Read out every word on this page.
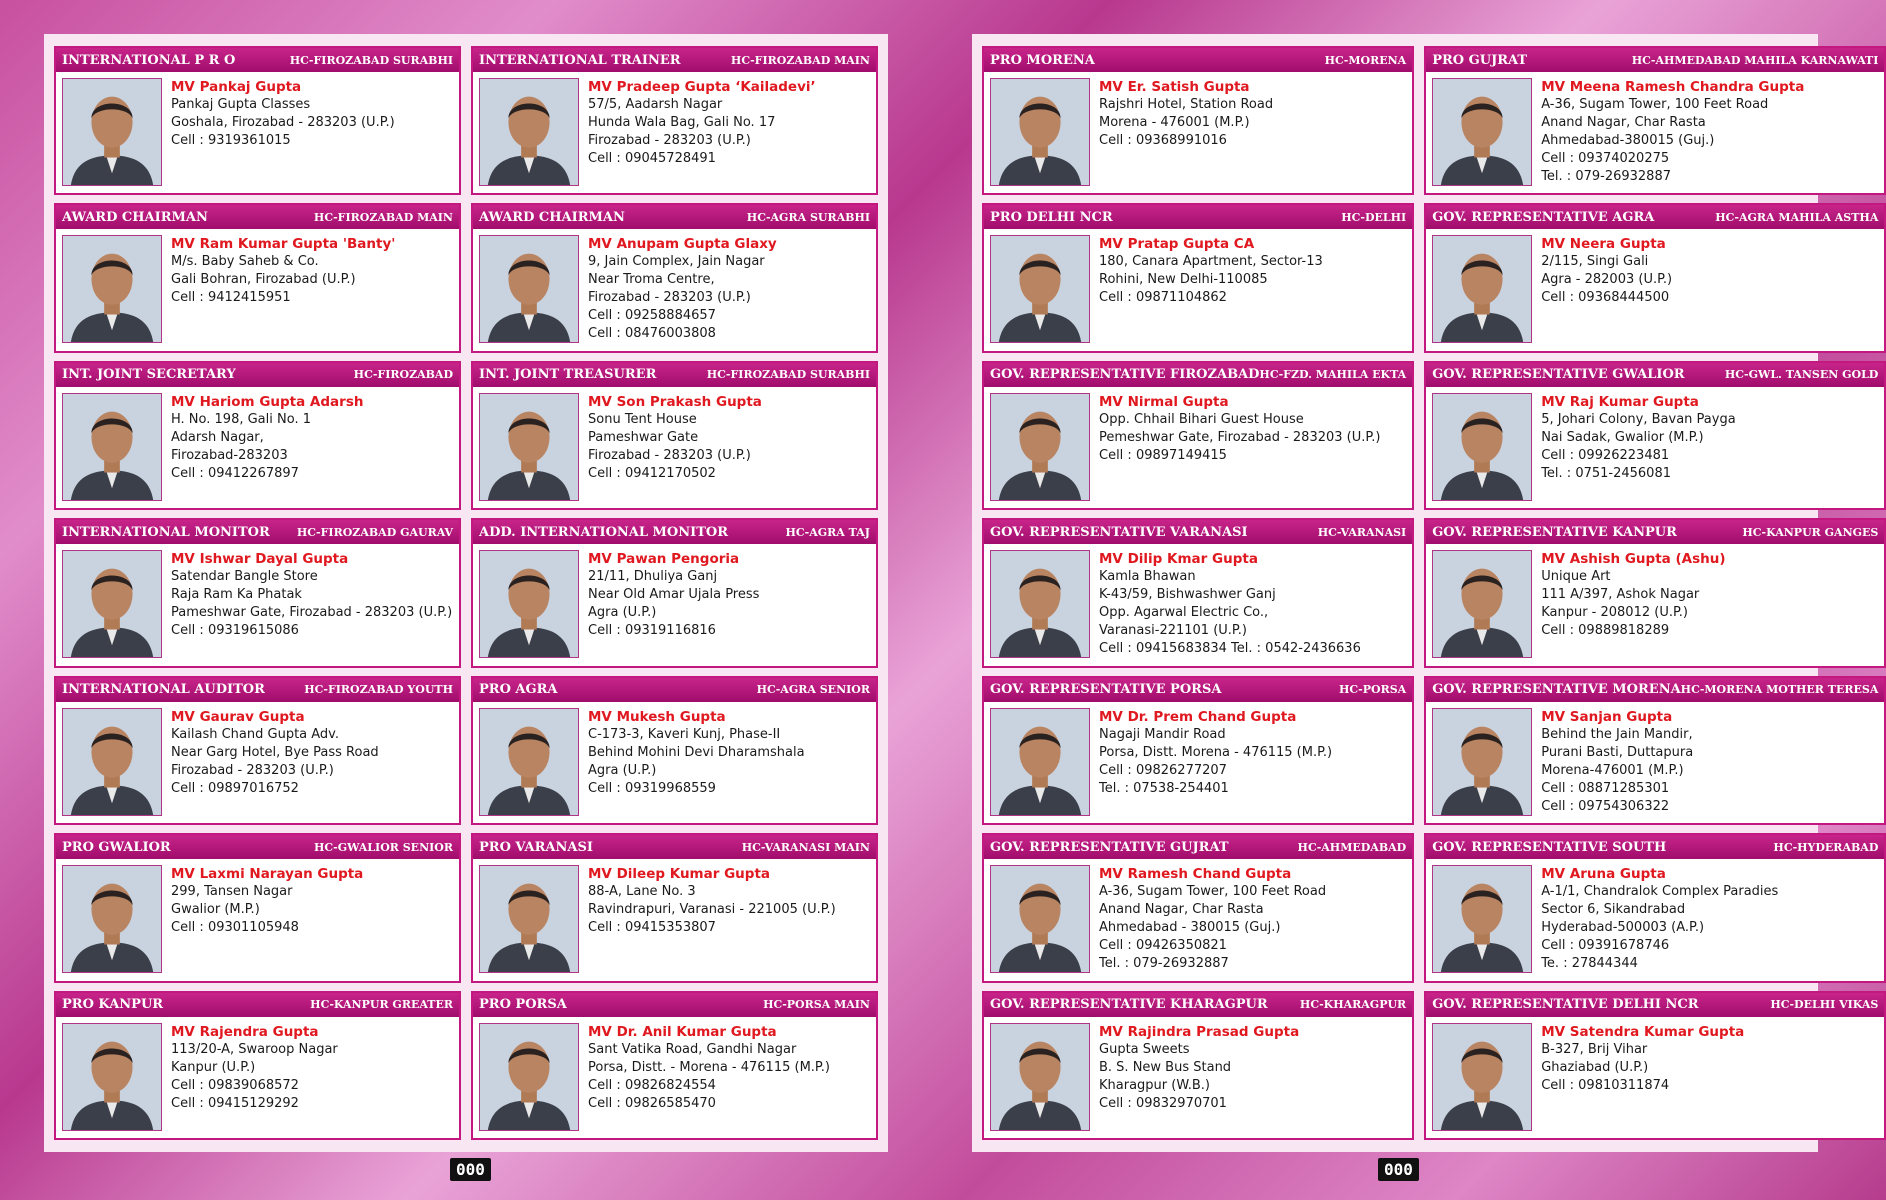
INTERNATIONAL P R O	HC-FIROZABAD SURABHI
MV Pankaj Gupta
Pankaj Gupta Classes
Goshala, Firozabad - 283203 (U.P.)
Cell : 9319361015
INTERNATIONAL TRAINER	HC-FIROZABAD MAIN
MV Pradeep Gupta ‘Kailadevi’
57/5, Aadarsh Nagar
Hunda Wala Bag, Gali No. 17
Firozabad - 283203 (U.P.)
Cell : 09045728491
AWARD CHAIRMAN	HC-FIROZABAD MAIN
MV Ram Kumar Gupta 'Banty'
M/s. Baby Saheb & Co.
Gali Bohran, Firozabad (U.P.)
Cell : 9412415951
AWARD CHAIRMAN	HC-AGRA SURABHI
MV Anupam Gupta Glaxy
9, Jain Complex, Jain Nagar
Near Troma Centre,
Firozabad - 283203 (U.P.)
Cell : 09258884657
Cell : 08476003808
INT. JOINT SECRETARY	HC-FIROZABAD
MV Hariom Gupta Adarsh
H. No. 198, Gali No. 1
Adarsh Nagar,
Firozabad-283203
Cell : 09412267897
INT. JOINT TREASURER	HC-FIROZABAD SURABHI
MV Son Prakash Gupta
Sonu Tent House
Pameshwar Gate
Firozabad - 283203 (U.P.)
Cell : 09412170502
INTERNATIONAL MONITOR HC-FIROZABAD GAURAV
MV Ishwar Dayal Gupta
Satendar Bangle Store
Raja Ram Ka Phatak
Pameshwar Gate, Firozabad - 283203 (U.P.)
Cell : 09319615086
ADD. INTERNATIONAL MONITOR	HC-AGRA TAJ
MV Pawan Pengoria
21/11, Dhuliya Ganj
Near Old Amar Ujala Press
Agra (U.P.)
Cell : 09319116816
INTERNATIONAL AUDITOR	HC-FIROZABAD YOUTH
MV Gaurav Gupta
Kailash Chand Gupta Adv.
Near Garg Hotel, Bye Pass Road
Firozabad - 283203 (U.P.)
Cell : 09897016752
PRO AGRA	HC-AGRA SENIOR
MV Mukesh Gupta
C-173-3, Kaveri Kunj, Phase-II
Behind Mohini Devi Dharamshala
Agra (U.P.)
Cell : 09319968559
PRO GWALIOR	HC-GWALIOR SENIOR
MV Laxmi Narayan Gupta
299, Tansen Nagar
Gwalior (M.P.)
Cell : 09301105948
PRO VARANASI	HC-VARANASI MAIN
MV Dileep Kumar Gupta
88-A, Lane No. 3
Ravindrapuri, Varanasi - 221005 (U.P.)
Cell : 09415353807
PRO KANPUR	HC-KANPUR GREATER
MV Rajendra Gupta
113/20-A, Swaroop Nagar
Kanpur (U.P.)
Cell : 09839068572
Cell : 09415129292
PRO PORSA	HC-PORSA MAIN
MV Dr. Anil Kumar Gupta
Sant Vatika Road, Gandhi Nagar
Porsa, Distt. - Morena - 476115 (M.P.)
Cell : 09826824554
Cell : 09826585470
000
PRO MORENA	HC-MORENA
MV Er. Satish Gupta
Rajshri Hotel, Station Road
Morena - 476001 (M.P.)
Cell : 09368991016
PRO GUJRAT	HC-AHMEDABAD MAHILA KARNAWATI
MV Meena Ramesh Chandra Gupta
A-36, Sugam Tower, 100 Feet Road
Anand Nagar, Char Rasta
Ahmedabad-380015 (Guj.)
Cell : 09374020275
Tel. : 079-26932887
PRO DELHI NCR	HC-DELHI
MV Pratap Gupta CA
180, Canara Apartment, Sector-13
Rohini, New Delhi-110085
Cell : 09871104862
GOV. REPRESENTATIVE AGRA	HC-AGRA MAHILA ASTHA
MV Neera Gupta
2/115, Singi Gali
Agra - 282003 (U.P.)
Cell : 09368444500
GOV. REPRESENTATIVE FIROZABAD HC-FZD. MAHILA EKTA
MV Nirmal Gupta
Opp. Chhail Bihari Guest House
Pemeshwar Gate, Firozabad - 283203 (U.P.)
Cell : 09897149415
GOV. REPRESENTATIVE GWALIOR	HC-GWL. TANSEN GOLD
MV Raj Kumar Gupta
5, Johari Colony, Bavan Payga
Nai Sadak, Gwalior (M.P.)
Cell : 09926223481
Tel. : 0751-2456081
GOV. REPRESENTATIVE VARANASI	HC-VARANASI
MV Dilip Kmar Gupta
Kamla Bhawan
K-43/59, Bishwashwer Ganj
Opp. Agarwal Electric Co.,
Varanasi-221101 (U.P.)
Cell : 09415683834 Tel. : 0542-2436636
GOV. REPRESENTATIVE KANPUR	HC-KANPUR GANGES
MV Ashish Gupta (Ashu)
Unique Art
111 A/397, Ashok Nagar
Kanpur - 208012 (U.P.)
Cell : 09889818289
GOV. REPRESENTATIVE PORSA	HC-PORSA
MV Dr. Prem Chand Gupta
Nagaji Mandir Road
Porsa, Distt. Morena - 476115 (M.P.)
Cell : 09826277207
Tel. : 07538-254401
GOV. REPRESENTATIVE MORENA HC-MORENA MOTHER TERESA
MV Sanjan Gupta
Behind the Jain Mandir,
Purani Basti, Duttapura
Morena-476001 (M.P.)
Cell : 08871285301
Cell : 09754306322
GOV. REPRESENTATIVE GUJRAT	HC-AHMEDABAD
MV Ramesh Chand Gupta
A-36, Sugam Tower, 100 Feet Road
Anand Nagar, Char Rasta
Ahmedabad - 380015 (Guj.)
Cell : 09426350821
Tel. : 079-26932887
GOV. REPRESENTATIVE SOUTH	HC-HYDERABAD
MV Aruna Gupta
A-1/1, Chandralok Complex Paradies
Sector 6, Sikandrabad
Hyderabad-500003 (A.P.)
Cell : 09391678746
Te. : 27844344
GOV. REPRESENTATIVE KHARAGPUR	HC-KHARAGPUR
MV Rajindra Prasad Gupta
Gupta Sweets
B. S. New Bus Stand
Kharagpur (W.B.)
Cell : 09832970701
GOV. REPRESENTATIVE DELHI NCR	HC-DELHI VIKAS
MV Satendra Kumar Gupta
B-327, Brij Vihar
Ghaziabad (U.P.)
Cell : 09810311874
000
